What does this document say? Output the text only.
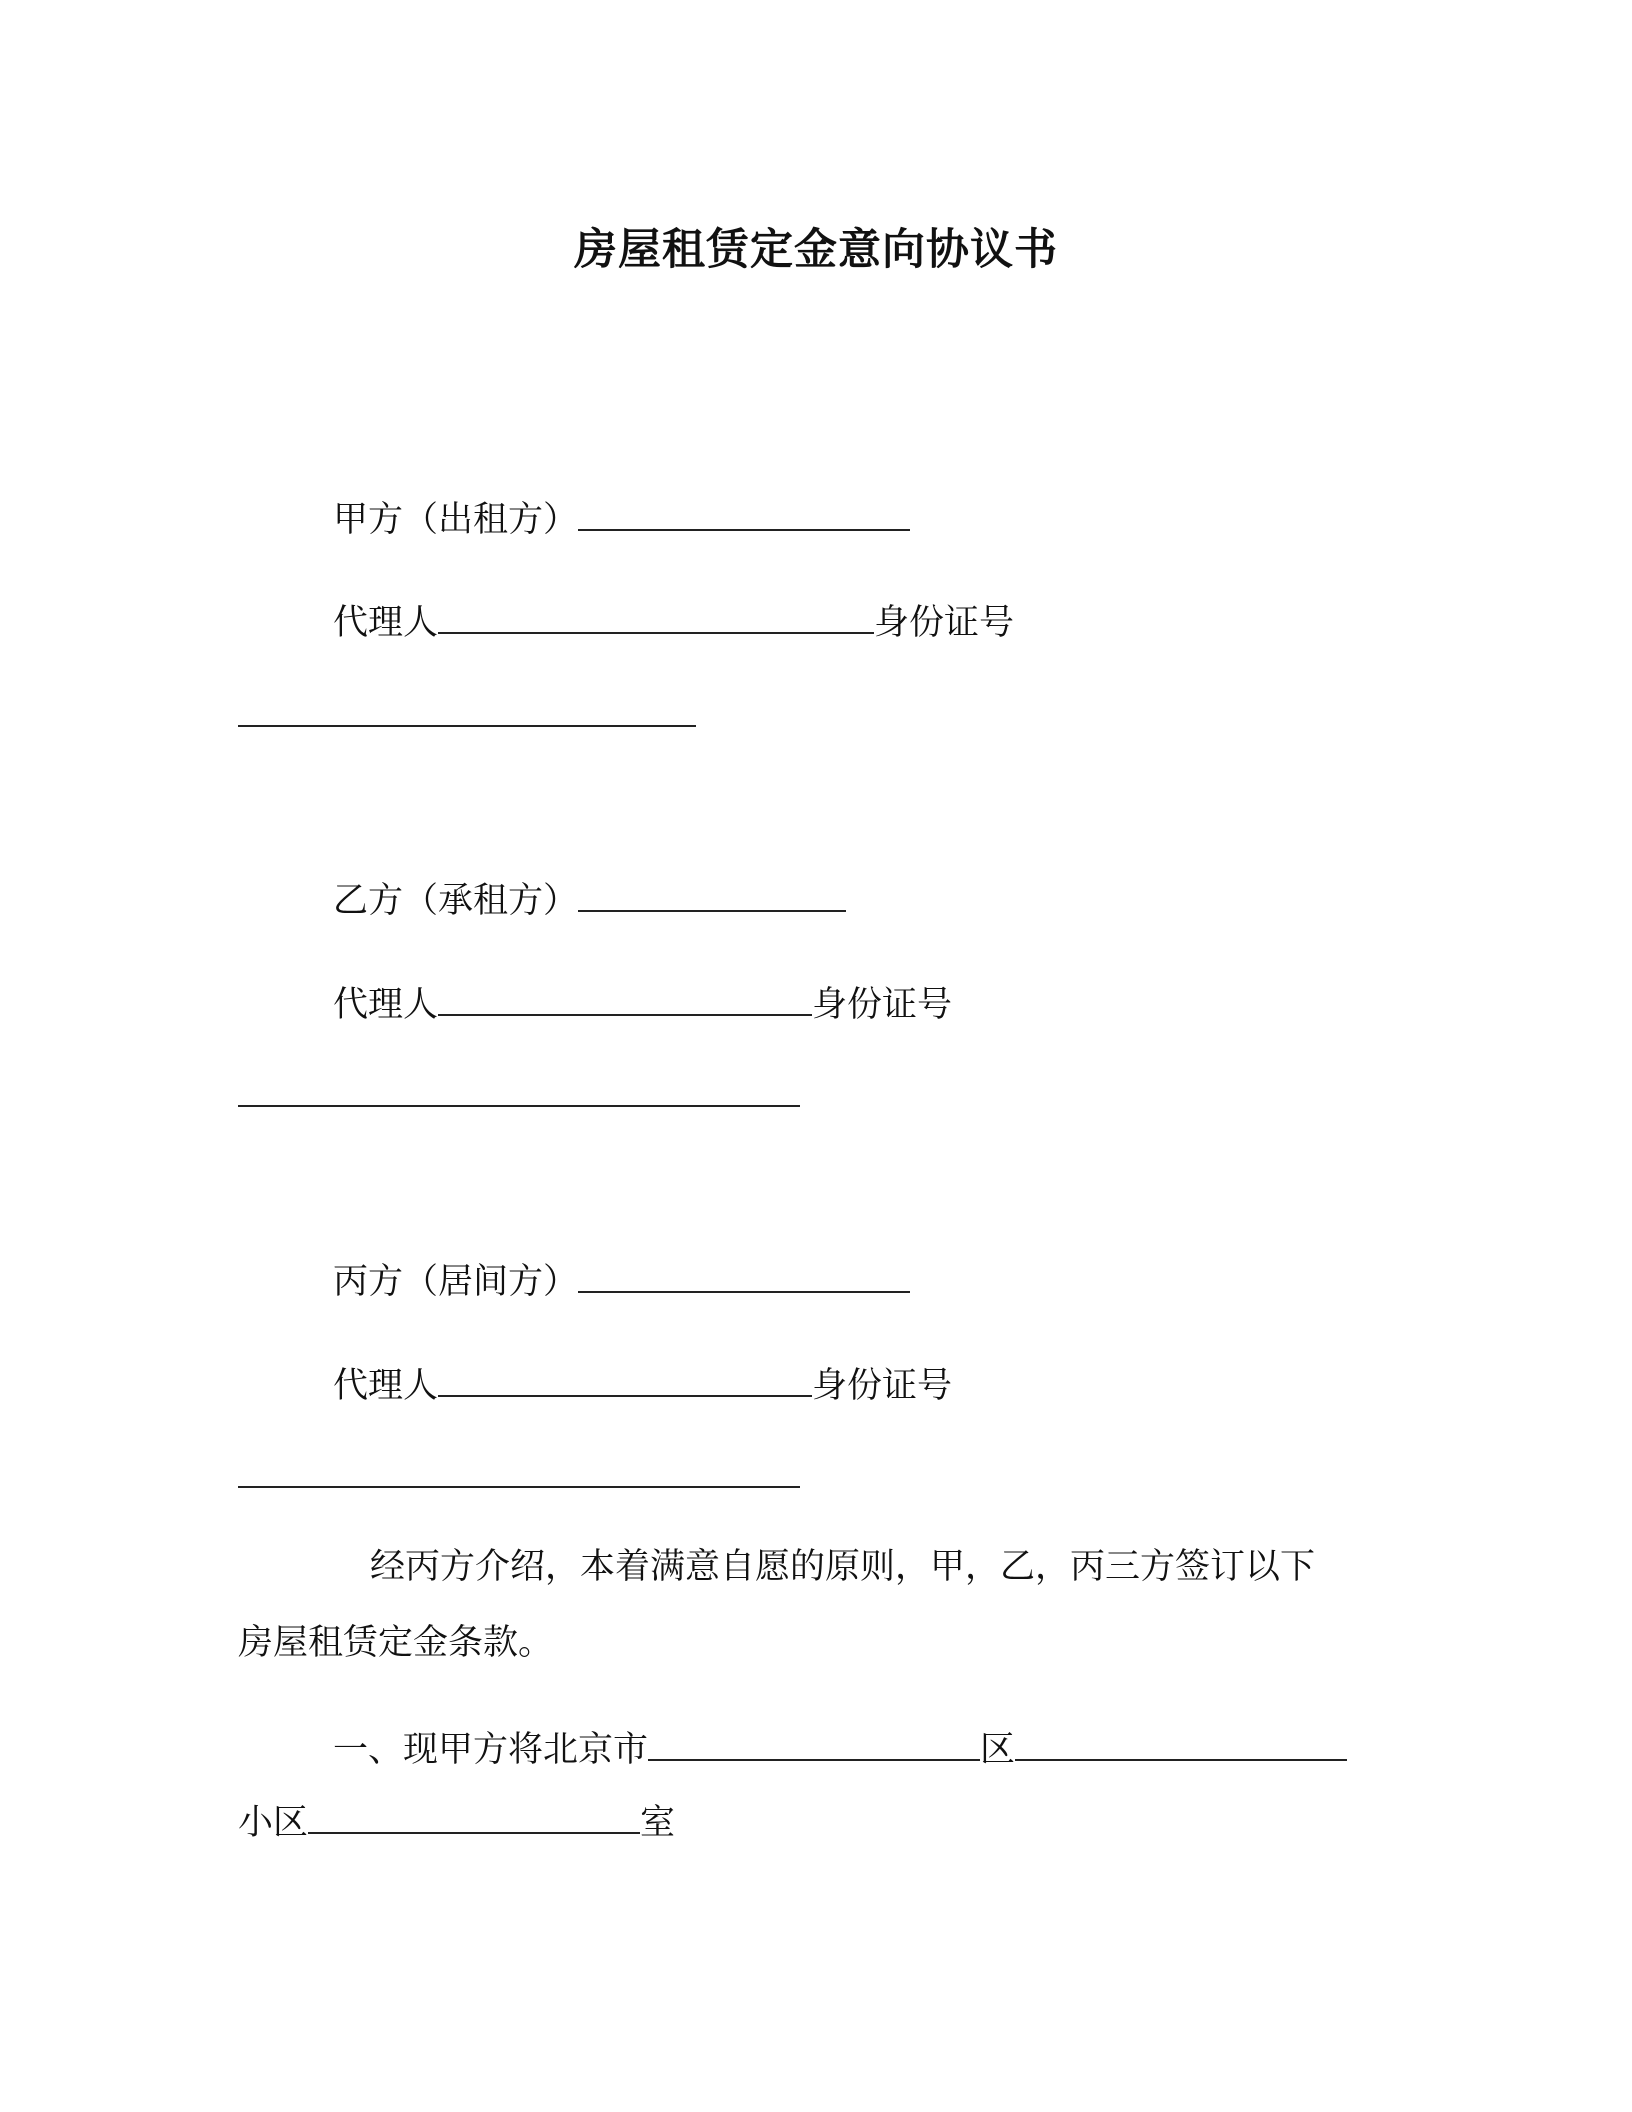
房屋租赁定金意向协议书

甲方（出租方）

代理人	身份证号

乙方（承租方）

代理人	身份证号

丙方（居间方）

代理人	身份证号

经丙方介绍，本着满意自愿的原则，甲，乙，丙三方签订以下

房屋租赁定金条款。

一、现甲方将北京市	区

小区	室
